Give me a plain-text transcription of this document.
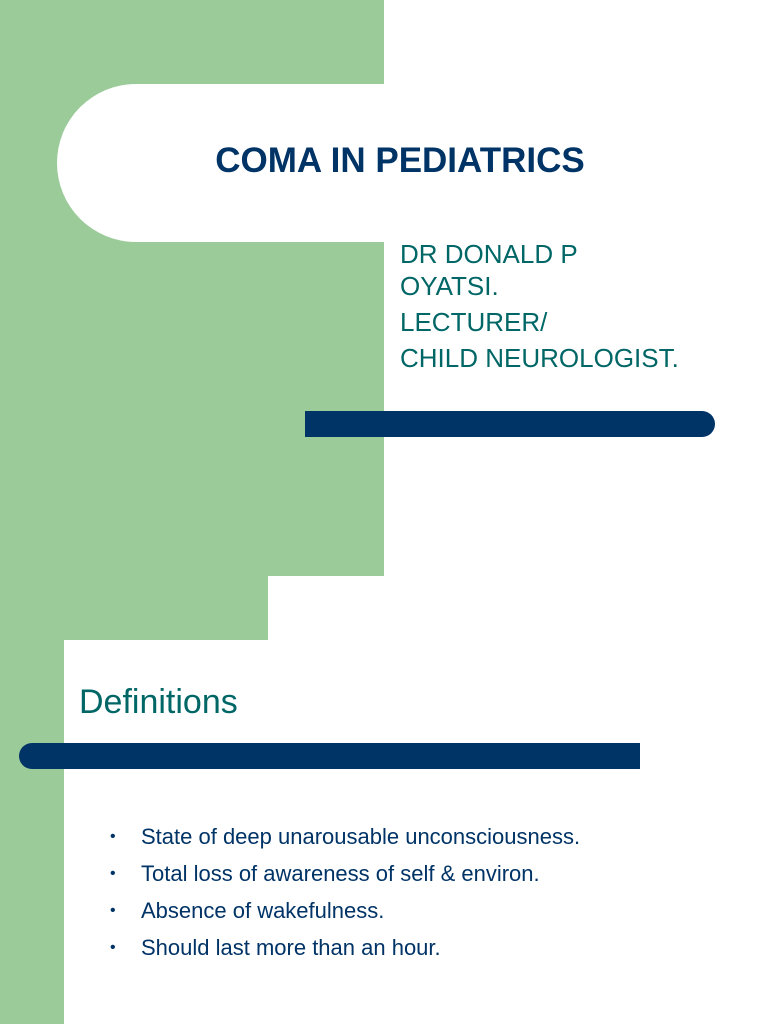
COMA IN PEDIATRICS
DR DONALD P
OYATSI.
LECTURER/
CHILD NEUROLOGIST.
Definitions
• State of deep unarousable unconsciousness.
• Total loss of awareness of self & environ.
• Absence of wakefulness.
• Should last more than an hour.
